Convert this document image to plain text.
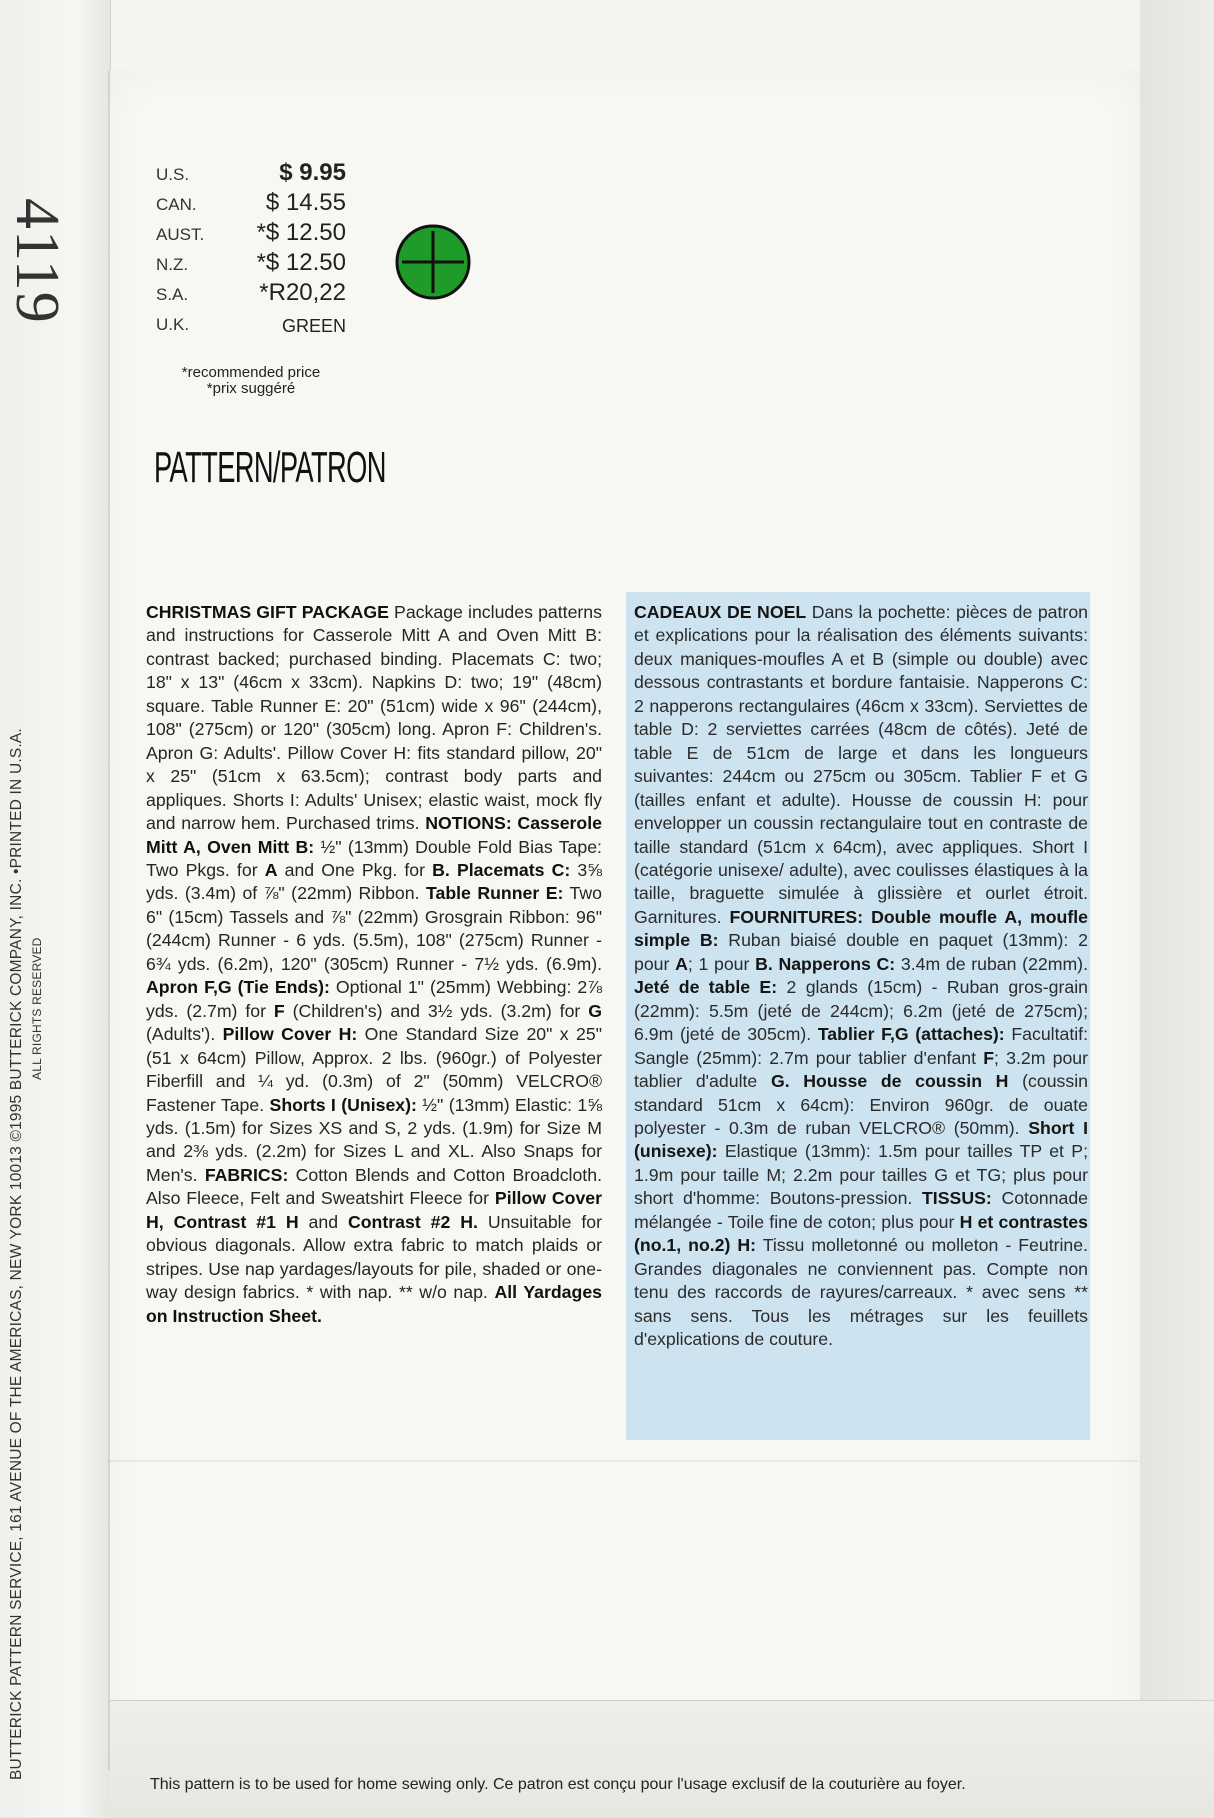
4119
BUTTERICK PATTERN SERVICE, 161 AVENUE OF THE AMERICAS, NEW YORK 10013 ©1995 BUTTERICK COMPANY, INC. •PRINTED IN U.S.A. ALL RIGHTS RESERVED
U.S.	$ 9.95
CAN.	$ 14.55
AUST. *$ 12.50
N.Z.	*$ 12.50
S.A.	*R20,22
U.K.	GREEN
*recommended price
*prix suggéré
PATTERN/PATRON
CHRISTMAS GIFT PACKAGE Package includes patterns and instructions for Casserole Mitt A and Oven Mitt B: contrast backed; purchased binding. Placemats C: two; 18" x 13" (46cm x 33cm). Napkins D: two; 19" (48cm) square. Table Runner E: 20" (51cm) wide x 96" (244cm), 108" (275cm) or 120" (305cm) long. Apron F: Children's. Apron G: Adults'. Pillow Cover H: fits standard pillow, 20" x 25" (51cm x 63.5cm); contrast body parts and appliques. Shorts I: Adults' Unisex; elastic waist, mock fly and narrow hem. Purchased trims. NOTIONS: Casserole Mitt A, Oven Mitt B: ½" (13mm) Double Fold Bias Tape: Two Pkgs. for A and One Pkg. for B. Placemats C: 3⅝ yds. (3.4m) of ⅞" (22mm) Ribbon. Table Runner E: Two 6" (15cm) Tassels and ⅞" (22mm) Grosgrain Ribbon: 96" (244cm) Runner - 6 yds. (5.5m), 108" (275cm) Runner - 6¾ yds. (6.2m), 120" (305cm) Runner - 7½ yds. (6.9m). Apron F,G (Tie Ends): Optional 1" (25mm) Webbing: 2⅞ yds. (2.7m) for F (Children's) and 3½ yds. (3.2m) for G (Adults'). Pillow Cover H: One Standard Size 20" x 25" (51 x 64cm) Pillow, Approx. 2 lbs. (960gr.) of Polyester Fiberfill and ¼ yd. (0.3m) of 2" (50mm) VELCRO® Fastener Tape. Shorts I (Unisex): ½" (13mm) Elastic: 1⅝ yds. (1.5m) for Sizes XS and S, 2 yds. (1.9m) for Size M and 2⅜ yds. (2.2m) for Sizes L and XL. Also Snaps for Men's. FABRICS: Cotton Blends and Cotton Broadcloth. Also Fleece, Felt and Sweatshirt Fleece for Pillow Cover H, Contrast #1 H and Contrast #2 H. Unsuitable for obvious diagonals. Allow extra fabric to match plaids or stripes. Use nap yardages/layouts for pile, shaded or one-way design fabrics. * with nap. ** w/o nap. All Yardages on Instruction Sheet.
CADEAUX DE NOEL Dans la pochette: pièces de patron et explications pour la réalisation des éléments suivants: deux maniques-moufles A et B (simple ou double) avec dessous contrastants et bordure fantaisie. Napperons C: 2 napperons rectangulaires (46cm x 33cm). Serviettes de table D: 2 serviettes carrées (48cm de côtés). Jeté de table E de 51cm de large et dans les longueurs suivantes: 244cm ou 275cm ou 305cm. Tablier F et G (tailles enfant et adulte). Housse de coussin H: pour envelopper un coussin rectangulaire tout en contraste de taille standard (51cm x 64cm), avec appliques. Short I (catégorie unisexe/ adulte), avec coulisses élastiques à la taille, braguette simulée à glissière et ourlet étroit. Garnitures. FOURNITURES: Double moufle A, moufle simple B: Ruban biaisé double en paquet (13mm): 2 pour A; 1 pour B. Napperons C: 3.4m de ruban (22mm). Jeté de table E: 2 glands (15cm) - Ruban gros-grain (22mm): 5.5m (jeté de 244cm); 6.2m (jeté de 275cm); 6.9m (jeté de 305cm). Tablier F,G (attaches): Facultatif: Sangle (25mm): 2.7m pour tablier d'enfant F; 3.2m pour tablier d'adulte G. Housse de coussin H (coussin standard 51cm x 64cm): Environ 960gr. de ouate polyester - 0.3m de ruban VELCRO® (50mm). Short I (unisexe): Elastique (13mm): 1.5m pour tailles TP et P; 1.9m pour taille M; 2.2m pour tailles G et TG; plus pour short d'homme: Boutons-pression. TISSUS: Cotonnade mélangée - Toile fine de coton; plus pour H et contrastes (no.1, no.2) H: Tissu molletonné ou molleton - Feutrine. Grandes diagonales ne conviennent pas. Compte non tenu des raccords de rayures/carreaux. * avec sens ** sans sens. Tous les métrages sur les feuillets d'explications de couture.
This pattern is to be used for home sewing only. Ce patron est conçu pour l'usage exclusif de la couturière au foyer.
